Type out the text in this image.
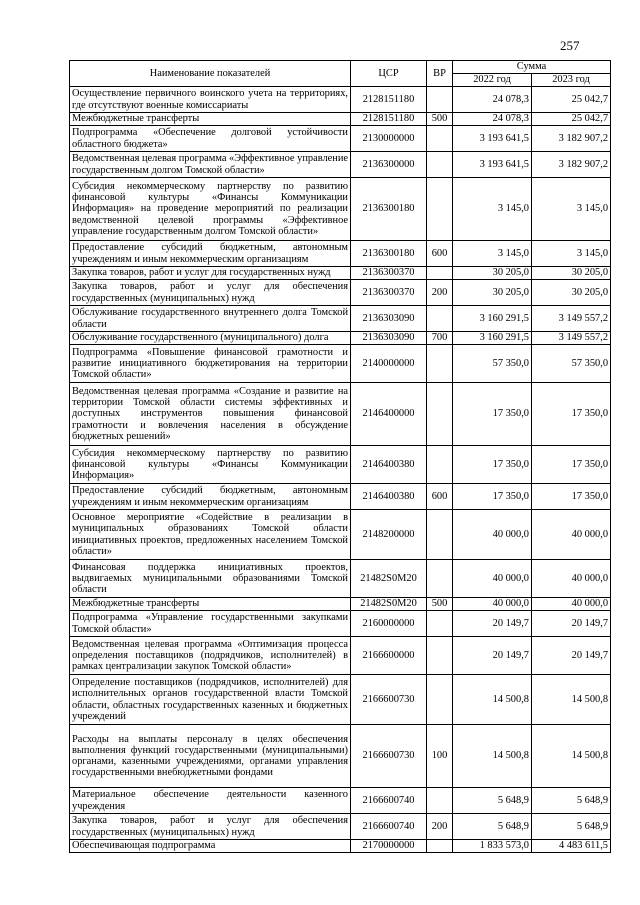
257
Наименование показателей	ЦСР	ВР	Сумма	
			2022 год	2023 год
Осуществление первичного воинского учета на территориях, где отсутствуют военные комиссариаты	2128151180		24 078,3	25 042,7
Межбюджетные трансферты	2128151180	500	24 078,3	25 042,7
Подпрограмма «Обеспечение долговой устойчивости областного бюджета»	2130000000		3 193 641,5	3 182 907,2
Ведомственная целевая программа «Эффективное управление государственным долгом Томской области»	2136300000		3 193 641,5	3 182 907,2
Субсидия некоммерческому партнерству по развитию финансовой культуры «Финансы Коммуникации Информация» на проведение мероприятий по реализации ведомственной целевой программы «Эффективное управление государственным долгом Томской области»	2136300180		3 145,0	3 145,0
Предоставление субсидий бюджетным, автономным учреждениям и иным некоммерческим организациям	2136300180	600	3 145,0	3 145,0
Закупка товаров, работ и услуг для государственных нужд	2136300370		30 205,0	30 205,0
Закупка товаров, работ и услуг для обеспечения государственных (муниципальных) нужд	2136300370	200	30 205,0	30 205,0
Обслуживание государственного внутреннего долга Томской области	2136303090		3 160 291,5	3 149 557,2
Обслуживание государственного (муниципального) долга	2136303090	700	3 160 291,5	3 149 557,2
Подпрограмма «Повышение финансовой грамотности и развитие инициативного бюджетирования на территории Томской области»	2140000000		57 350,0	57 350,0
Ведомственная целевая программа «Создание и развитие на территории Томской области системы эффективных и доступных инструментов повышения финансовой грамотности и вовлечения населения в обсуждение бюджетных решений»	2146400000		17 350,0	17 350,0
Субсидия некоммерческому партнерству по развитию финансовой культуры «Финансы Коммуникации Информация»	2146400380		17 350,0	17 350,0
Предоставление субсидий бюджетным, автономным учреждениям и иным некоммерческим организациям	2146400380	600	17 350,0	17 350,0
Основное мероприятие «Содействие в реализации в муниципальных образованиях Томской области инициативных проектов, предложенных населением Томской области»	2148200000		40 000,0	40 000,0
Финансовая поддержка инициативных проектов, выдвигаемых муниципальными образованиями Томской области	21482S0M20		40 000,0	40 000,0
Межбюджетные трансферты	21482S0M20	500	40 000,0	40 000,0
Подпрограмма «Управление государственными закупками Томской области»	2160000000		20 149,7	20 149,7
Ведомственная целевая программа «Оптимизация процесса определения поставщиков (подрядчиков, исполнителей) в рамках централизации закупок Томской области»	2166600000		20 149,7	20 149,7
Определение поставщиков (подрядчиков, исполнителей) для исполнительных органов государственной власти Томской области, областных государственных казенных и бюджетных учреждений	2166600730		14 500,8	14 500,8
Расходы на выплаты персоналу в целях обеспечения выполнения функций государственными (муниципальными) органами, казенными учреждениями, органами управления государственными внебюджетными фондами	2166600730	100	14 500,8	14 500,8
Материальное обеспечение деятельности казенного учреждения	2166600740		5 648,9	5 648,9
Закупка товаров, работ и услуг для обеспечения государственных (муниципальных) нужд	2166600740	200	5 648,9	5 648,9
Обеспечивающая подпрограмма	2170000000		1 833 573,0	4 483 611,5
